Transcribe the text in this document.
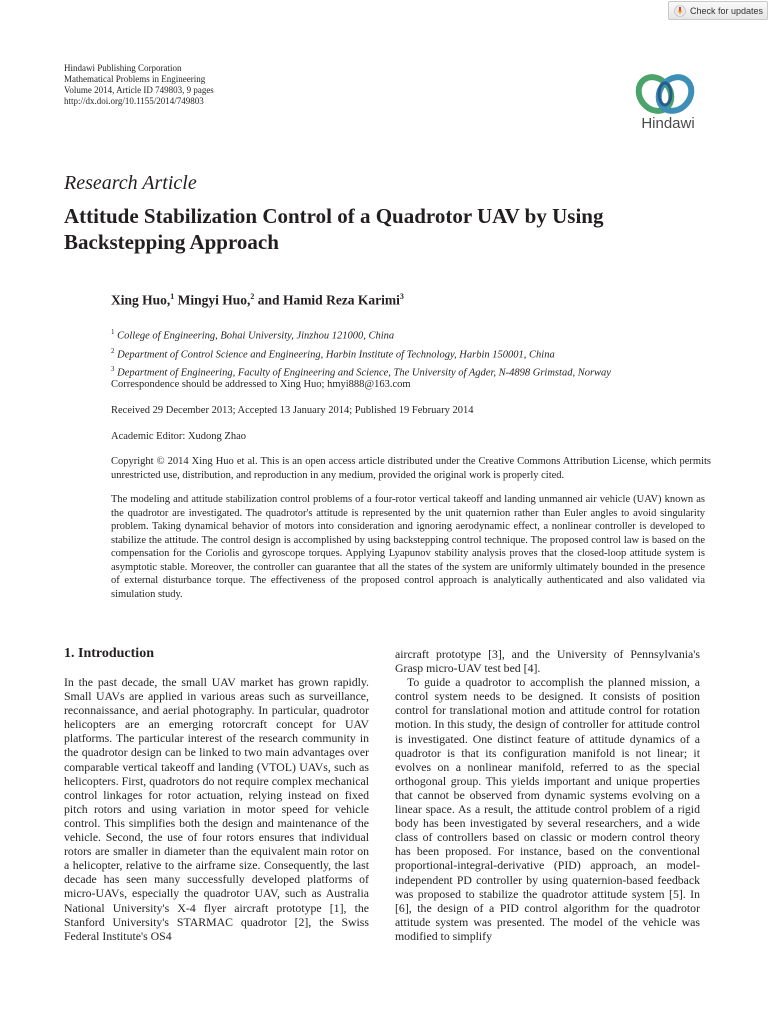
Check for updates
Hindawi Publishing Corporation
Mathematical Problems in Engineering
Volume 2014, Article ID 749803, 9 pages
http://dx.doi.org/10.1155/2014/749803
Hindawi
Research Article
Attitude Stabilization Control of a Quadrotor UAV by Using Backstepping Approach
Xing Huo,$^1$ Mingyi Huo,$^2$ and Hamid Reza Karimi$^3$
$^1$ College of Engineering, Bohai University, Jinzhou 121000, China
$^2$ Department of Control Science and Engineering, Harbin Institute of Technology, Harbin 150001, China
$^3$ Department of Engineering, Faculty of Engineering and Science, The University of Agder, N-4898 Grimstad, Norway
Correspondence should be addressed to Xing Huo; hmyi888@163.com
Received 29 December 2013; Accepted 13 January 2014; Published 19 February 2014
Academic Editor: Xudong Zhao
Copyright © 2014 Xing Huo et al. This is an open access article distributed under the Creative Commons Attribution License, which permits unrestricted use, distribution, and reproduction in any medium, provided the original work is properly cited.
The modeling and attitude stabilization control problems of a four-rotor vertical takeoff and landing unmanned air vehicle (UAV) known as the quadrotor are investigated. The quadrotor's attitude is represented by the unit quaternion rather than Euler angles to avoid singularity problem. Taking dynamical behavior of motors into consideration and ignoring aerodynamic effect, a nonlinear controller is developed to stabilize the attitude. The control design is accomplished by using backstepping control technique. The proposed control law is based on the compensation for the Coriolis and gyroscope torques. Applying Lyapunov stability analysis proves that the closed-loop attitude system is asymptotic stable. Moreover, the controller can guarantee that all the states of the system are uniformly ultimately bounded in the presence of external disturbance torque. The effectiveness of the proposed control approach is analytically authenticated and also validated via simulation study.
1. Introduction

In the past decade, the small UAV market has grown rapidly. Small UAVs are applied in various areas such as surveillance, reconnaissance, and aerial photography. In particular, quadrotor helicopters are an emerging rotorcraft concept for UAV platforms. The particular interest of the research community in the quadrotor design can be linked to two main advantages over comparable vertical takeoff and landing (VTOL) UAVs, such as helicopters. First, quadrotors do not require complex mechanical control linkages for rotor actuation, relying instead on fixed pitch rotors and using variation in motor speed for vehicle control. This simplifies both the design and maintenance of the vehicle. Second, the use of four rotors ensures that individual rotors are smaller in diameter than the equivalent main rotor on a helicopter, relative to the airframe size. Consequently, the last decade has seen many successfully developed platforms of micro-UAVs, especially the quadrotor UAV, such as Australia National University's X-4 flyer aircraft prototype [1], the Stanford University's STARMAC quadrotor [2], the Swiss Federal Institute's OS4

aircraft prototype [3], and the University of Pennsylvania's Grasp micro-UAV test bed [4].

To guide a quadrotor to accomplish the planned mission, a control system needs to be designed. It consists of position control for translational motion and attitude control for rotation motion. In this study, the design of controller for attitude control is investigated. One distinct feature of attitude dynamics of a quadrotor is that its configuration manifold is not linear; it evolves on a nonlinear manifold, referred to as the special orthogonal group. This yields important and unique properties that cannot be observed from dynamic systems evolving on a linear space. As a result, the attitude control problem of a rigid body has been investigated by several researchers, and a wide class of controllers based on classic or modern control theory has been proposed. For instance, based on the conventional proportional-integral-derivative (PID) approach, an model-independent PD controller by using quaternion-based feedback was proposed to stabilize the quadrotor attitude system [5]. In [6], the design of a PID control algorithm for the quadrotor attitude system was presented. The model of the vehicle was modified to simplify
